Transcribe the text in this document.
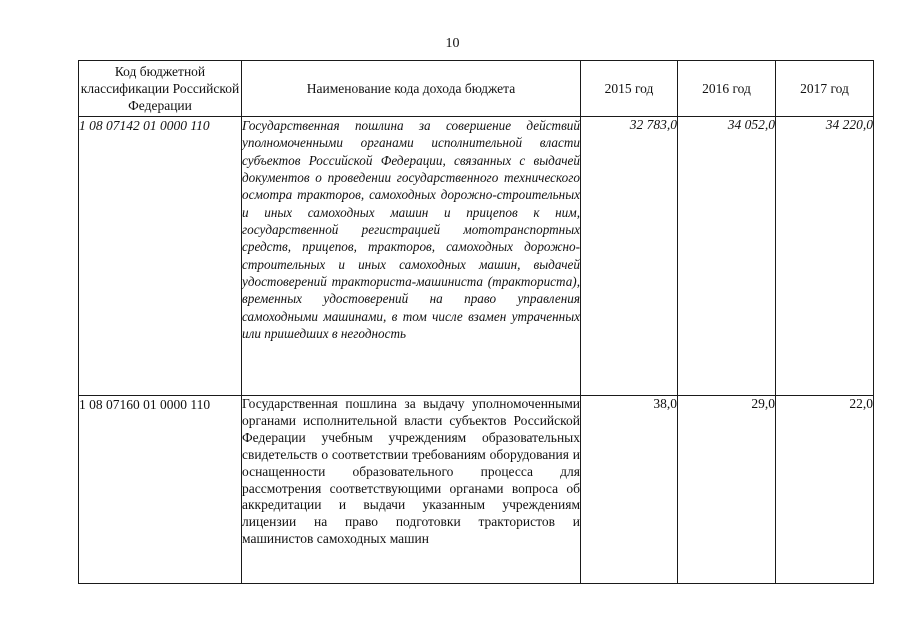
10
Код бюджетной классификации Российской Федерации	Наименование кода дохода бюджета	2015 год	2016 год	2017 год
1 08 07142 01 0000 110	Государственная пошлина за совершение действий уполномоченными органами исполнительной власти субъектов Российской Федерации, связанных с выдачей документов о проведении государственного технического осмотра тракторов, самоходных дорожно-строительных и иных самоходных машин и прицепов к ним, государственной регистрацией мототранспортных средств, прицепов, тракторов, самоходных дорожно-строительных и иных самоходных машин, выдачей удостоверений тракториста-машиниста (тракториста), временных удостоверений на право управления самоходными машинами, в том числе взамен утраченных или пришедших в негодность	32 783,0	34 052,0	34 220,0
1 08 07160 01 0000 110	Государственная пошлина за выдачу уполномоченными органами исполнительной власти субъектов Российской Федерации учебным учреждениям образовательных свидетельств о соответствии требованиям оборудования и оснащенности образовательного процесса для рассмотрения соответствующими органами вопроса об аккредитации и выдачи указанным учреждениям лицензии на право подготовки трактористов и машинистов самоходных машин	38,0	29,0	22,0
